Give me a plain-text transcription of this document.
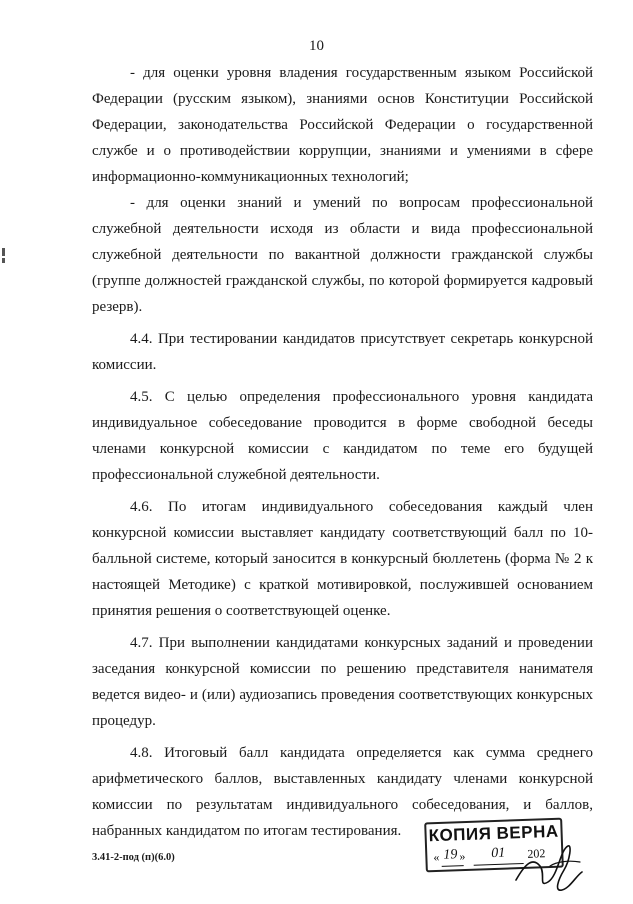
10

- для оценки уровня владения государственным языком Российской Федерации (русским языком), знаниями основ Конституции Российской Федерации, законодательства Российской Федерации о государственной службе и о противодействии коррупции, знаниями и умениями в сфере информационно-коммуникационных технологий;

- для оценки знаний и умений по вопросам профессиональной служебной деятельности исходя из области и вида профессиональной служебной деятельности по вакантной должности гражданской службы (группе должностей гражданской службы, по которой формируется кадровый резерв).

4.4. При тестировании кандидатов присутствует секретарь конкурсной комиссии.

4.5. С целью определения профессионального уровня кандидата индивидуальное собеседование проводится в форме свободной беседы членами конкурсной комиссии с кандидатом по теме его будущей профессиональной служебной деятельности.

4.6. По итогам индивидуального собеседования каждый член конкурсной комиссии выставляет кандидату соответствующий балл по 10-балльной системе, который заносится в конкурсный бюллетень (форма № 2 к настоящей Методике) с краткой мотивировкой, послужившей основанием принятия решения о соответствующей оценке.

4.7. При выполнении кандидатами конкурсных заданий и проведении заседания конкурсной комиссии по решению представителя нанимателя ведется видео- и (или) аудиозапись проведения соответствующих конкурсных процедур.

4.8. Итоговый балл кандидата определяется как сумма среднего арифметического баллов, выставленных кандидату членами конкурсной комиссии по результатам индивидуального собеседования, и баллов, набранных кандидатом по итогам тестирования.

3.41-2-под (п)(6.0)
КОПИЯ ВЕРНА
« 19 » 01 202
